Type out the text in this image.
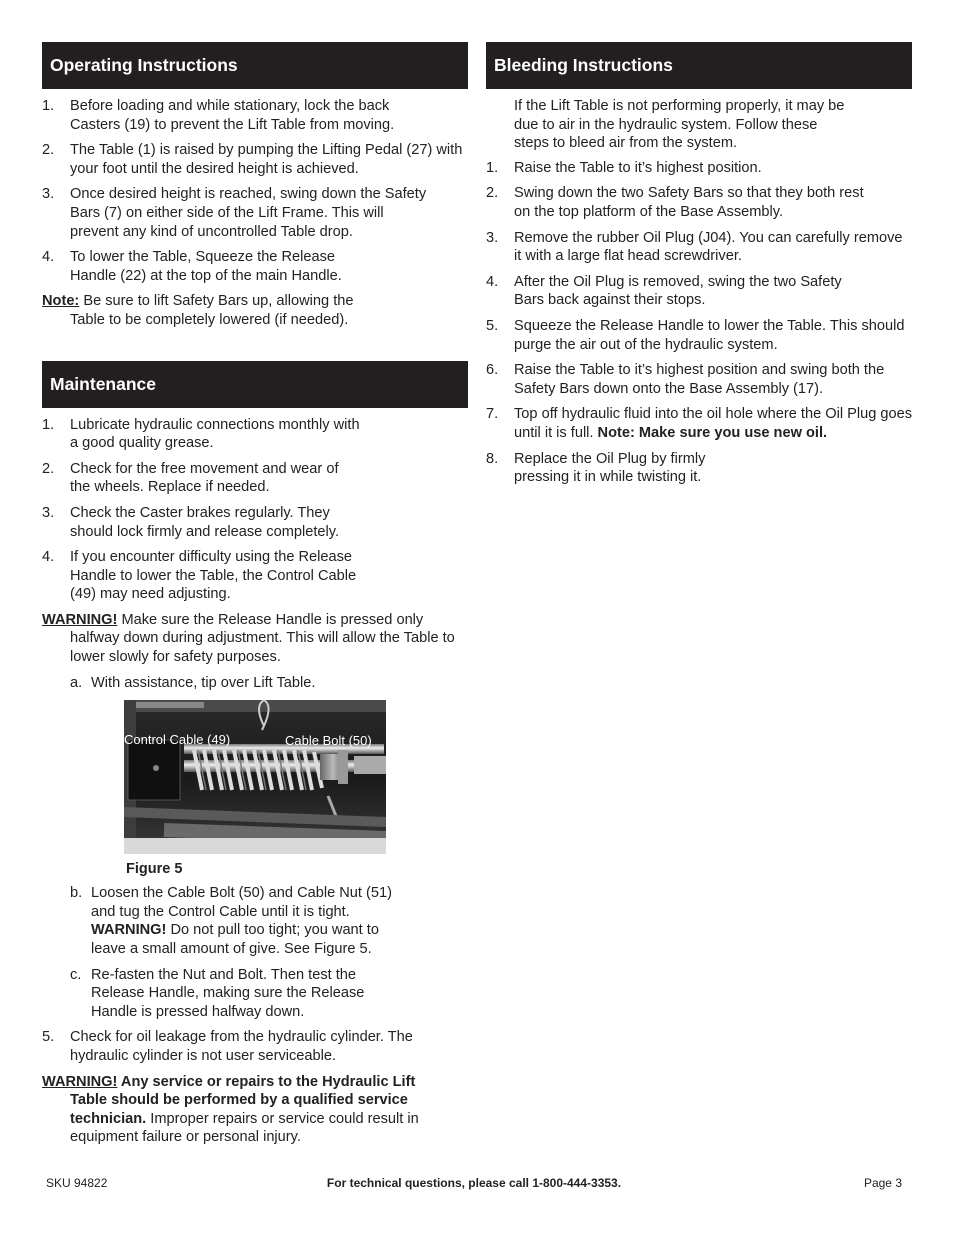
Operating Instructions
1. Before loading and while stationary, lock the back Casters (19) to prevent the Lift Table from moving.
2. The Table (1) is raised by pumping the Lifting Pedal (27) with your foot until the desired height is achieved.
3. Once desired height is reached, swing down the Safety Bars (7) on either side of the Lift Frame. This will prevent any kind of uncontrolled Table drop.
4. To lower the Table, Squeeze the Release Handle (22) at the top of the main Handle.
Note: Be sure to lift Safety Bars up, allowing the Table to be completely lowered (if needed).
Maintenance
1. Lubricate hydraulic connections monthly with a good quality grease.
2. Check for the free movement and wear of the wheels. Replace if needed.
3. Check the Caster brakes regularly. They should lock firmly and release completely.
4. If you encounter difficulty using the Release Handle to lower the Table, the Control Cable (49) may need adjusting.
WARNING! Make sure the Release Handle is pressed only halfway down during adjustment. This will allow the Table to lower slowly for safety purposes.
a. With assistance, tip over Lift Table.
Control Cable (49)	Cable Bolt (50)
Figure 5
b. Loosen the Cable Bolt (50) and Cable Nut (51) and tug the Control Cable until it is tight. WARNING! Do not pull too tight; you want to leave a small amount of give. See Figure 5.
c. Re-fasten the Nut and Bolt. Then test the Release Handle, making sure the Release Handle is pressed halfway down.
5. Check for oil leakage from the hydraulic cylinder. The hydraulic cylinder is not user serviceable.
WARNING! Any service or repairs to the Hydraulic Lift Table should be performed by a qualified service technician. Improper repairs or service could result in equipment failure or personal injury.
Bleeding Instructions
If the Lift Table is not performing properly, it may be due to air in the hydraulic system. Follow these steps to bleed air from the system.
1. Raise the Table to it’s highest position.
2. Swing down the two Safety Bars so that they both rest on the top platform of the Base Assembly.
3. Remove the rubber Oil Plug (J04). You can carefully remove it with a large flat head screwdriver.
4. After the Oil Plug is removed, swing the two Safety Bars back against their stops.
5. Squeeze the Release Handle to lower the Table. This should purge the air out of the hydraulic system.
6. Raise the Table to it’s highest position and swing both the Safety Bars down onto the Base Assembly (17).
7. Top off hydraulic fluid into the oil hole where the Oil Plug goes until it is full. Note: Make sure you use new oil.
8. Replace the Oil Plug by firmly pressing it in while twisting it.
SKU 94822	For technical questions, please call 1-800-444-3353.	Page 3
